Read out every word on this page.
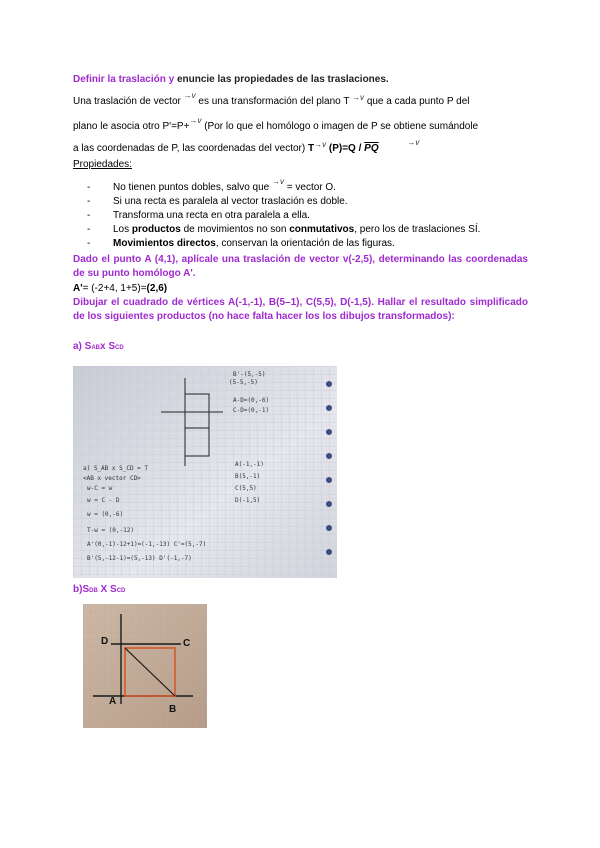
Definir la traslación y enuncie las propiedades de las traslaciones.
Una traslación de vector $^{\to v}$ es una transformación del plano T $^{\to v}$ que a cada punto P del
plano le asocia otro P'=P+$^{\to v}$ (Por lo que el homólogo o imagen de P se obtiene sumándole
a las coordenadas de P, las coordenadas del vector) $T^{\to v}$ $(P)=Q / \overline{PQ}$ $^{\to v}$
Propiedades:
- No tienen puntos dobles, salvo que $^{\to v}$ = vector O.
- Si una recta es paralela al vector traslación es doble.
- Transforma una recta en otra paralela a ella.
- Los productos de movimientos no son conmutativos, pero los de traslaciones SÍ.
- Movimientos directos, conservan la orientación de las figuras.
Dado el punto A (4,1), aplícale una traslación de vector v(-2,5), determinando las coordenadas de su punto homólogo A'.
A'= (-2+4, 1+5)=(2,6)
Dibujar el cuadrado de vértices A(-1,-1), B(5–1), C(5,5), D(-1,5). Hallar el resultado simplificado de los siguientes productos (no hace falta hacer los los dibujos transformados):
a) SABx SCD
B'-(5,-5)
(5-5,-5)
A-D=(0,-6)
C-D=(0,-1)
a) S_AB x S_CD = T
<AB x vector CD>
w-C = w
w = C - D
w = (0,-6)
T-w = (0,-12)
A'(0,-1)-12+1)=(-1,-13) C'=(5,-7)
B'(5,-12-1)=(5,-13) D'(-1,-7)
A(-1,-1)
B(5,-1)
C(5,5)
D(-1,5)
b)SDB X SCD
D	C
A
B
